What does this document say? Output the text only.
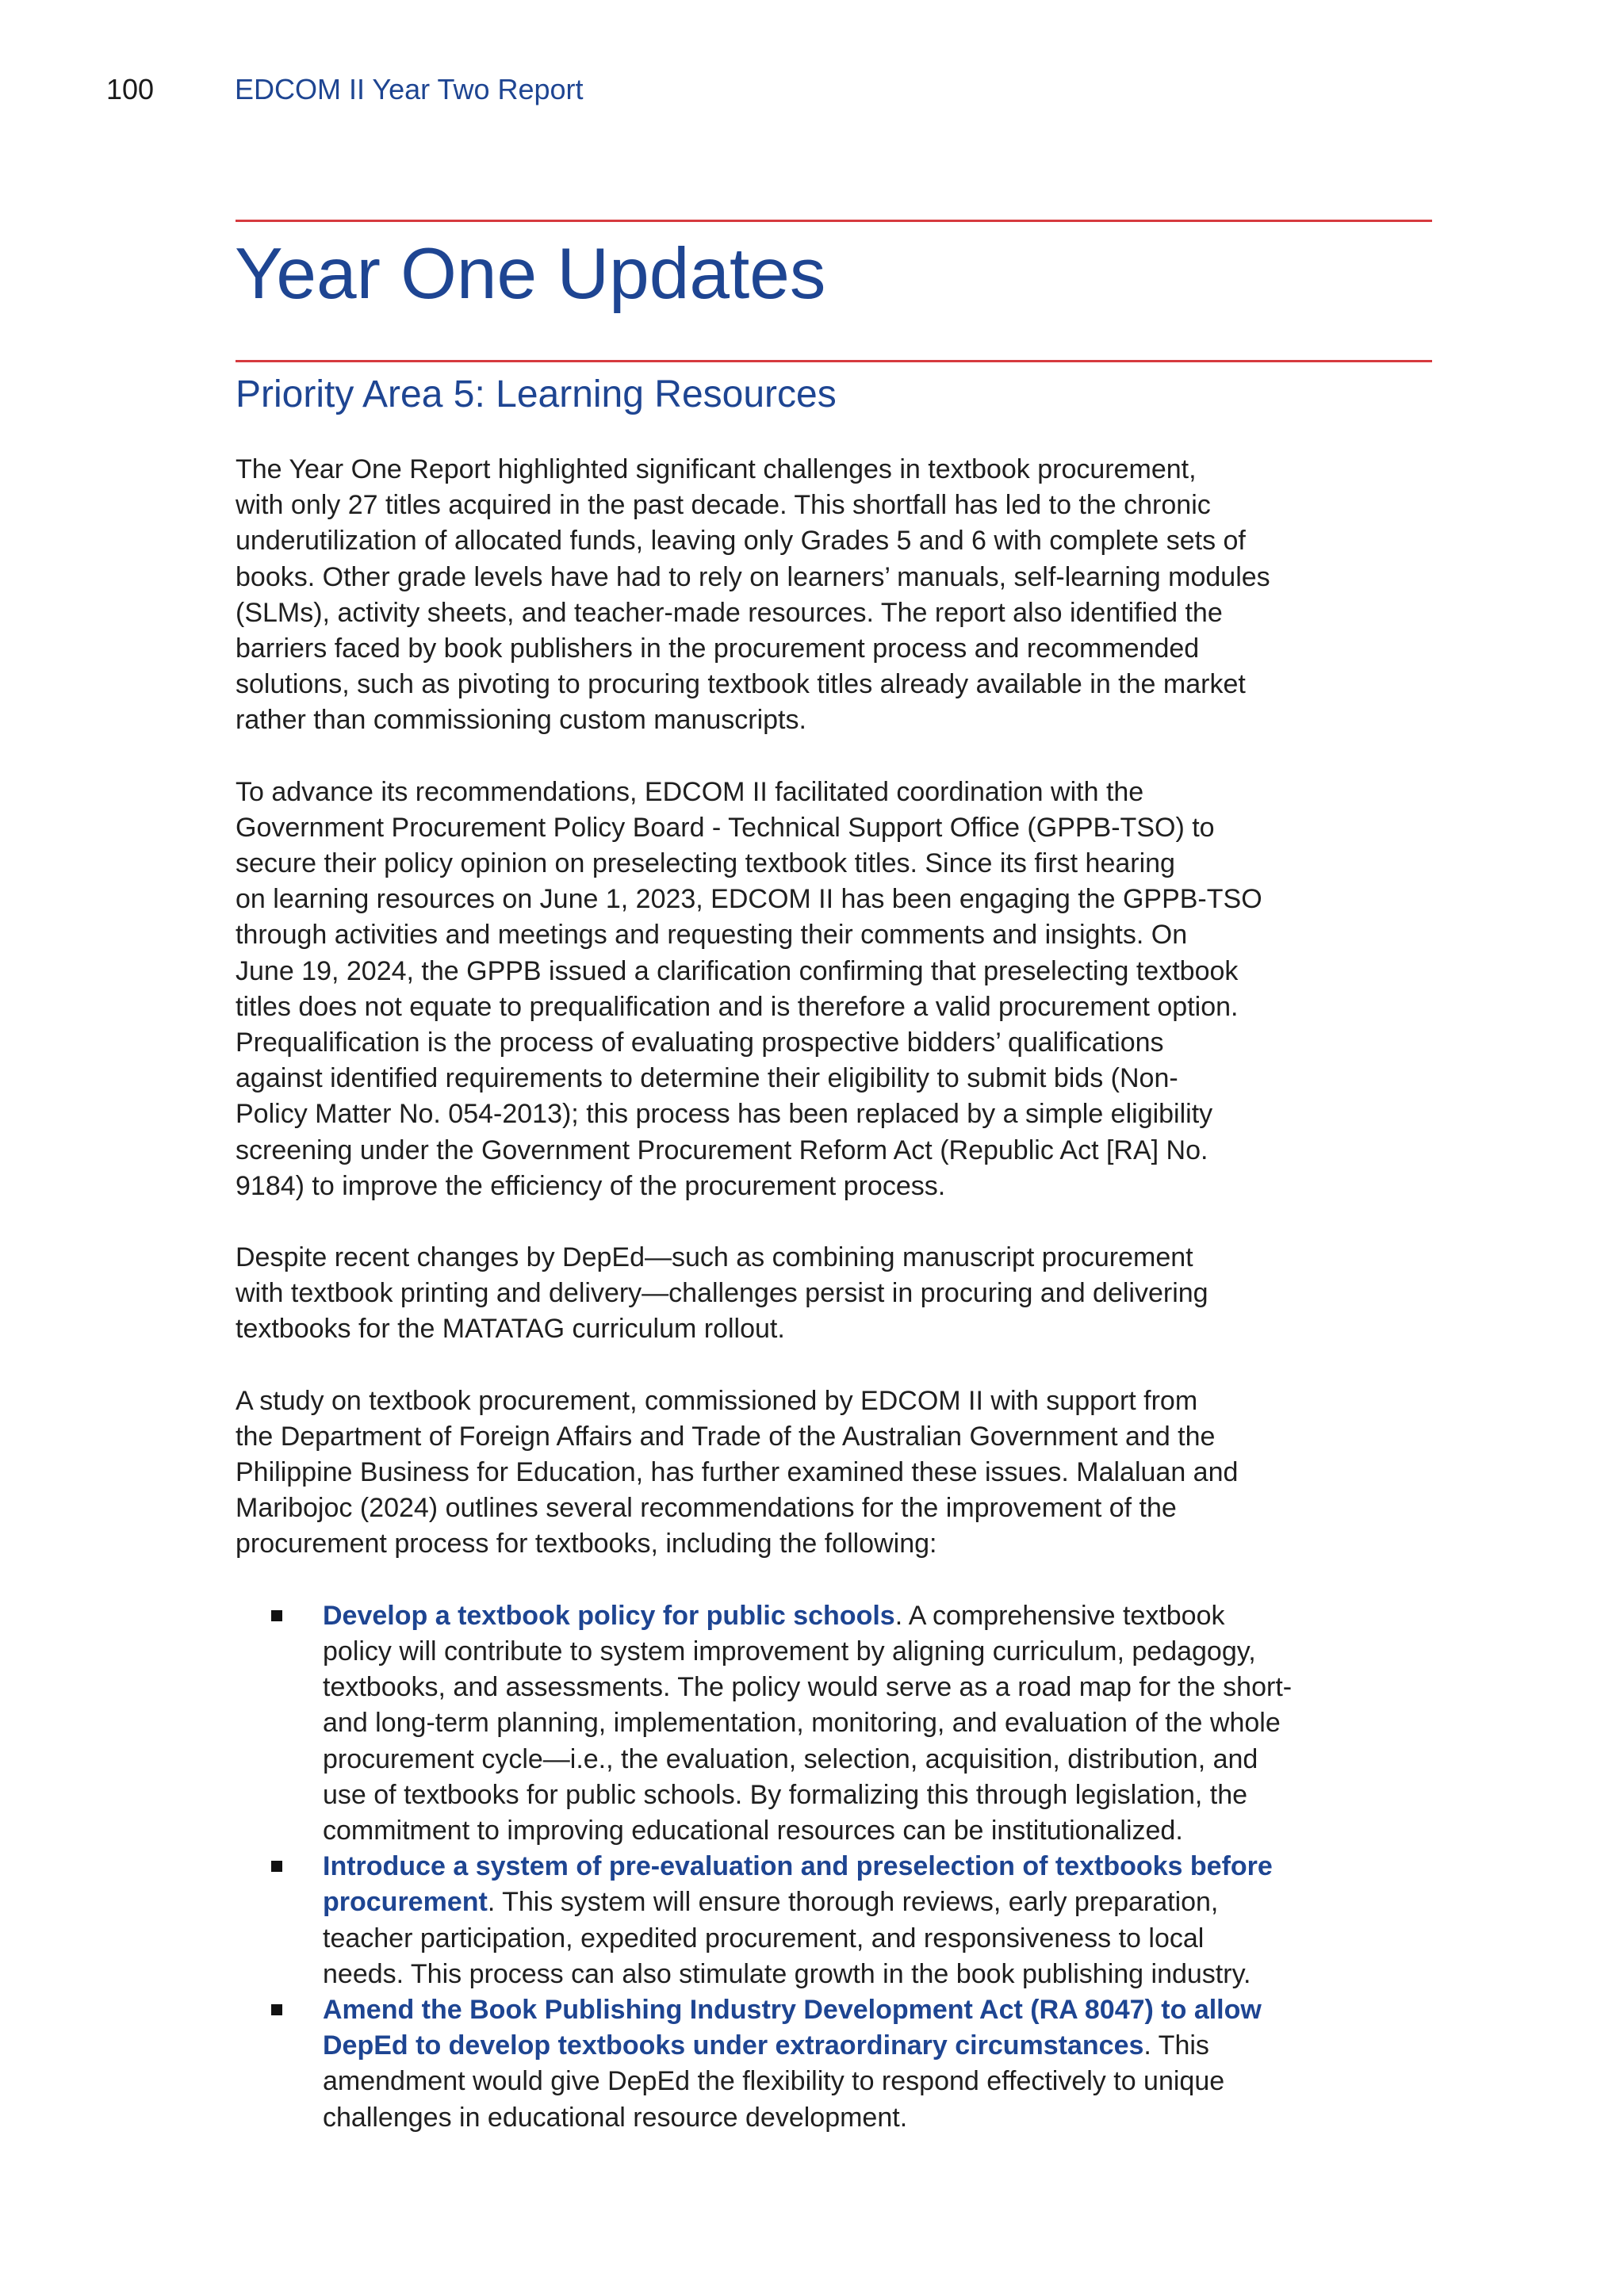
100	EDCOM II Year Two Report
Year One Updates
Priority Area 5: Learning Resources

The Year One Report highlighted significant challenges in textbook procurement,
with only 27 titles acquired in the past decade. This shortfall has led to the chronic
underutilization of allocated funds, leaving only Grades 5 and 6 with complete sets of
books. Other grade levels have had to rely on learners’ manuals, self-learning modules
(SLMs), activity sheets, and teacher-made resources. The report also identified the
barriers faced by book publishers in the procurement process and recommended
solutions, such as pivoting to procuring textbook titles already available in the market
rather than commissioning custom manuscripts.

To advance its recommendations, EDCOM II facilitated coordination with the
Government Procurement Policy Board - Technical Support Office (GPPB-TSO) to
secure their policy opinion on preselecting textbook titles. Since its first hearing
on learning resources on June 1, 2023, EDCOM II has been engaging the GPPB-TSO
through activities and meetings and requesting their comments and insights. On
June 19, 2024, the GPPB issued a clarification confirming that preselecting textbook
titles does not equate to prequalification and is therefore a valid procurement option.
Prequalification is the process of evaluating prospective bidders’ qualifications
against identified requirements to determine their eligibility to submit bids (Non-
Policy Matter No. 054-2013); this process has been replaced by a simple eligibility
screening under the Government Procurement Reform Act (Republic Act [RA] No.
9184) to improve the efficiency of the procurement process.

Despite recent changes by DepEd—such as combining manuscript procurement
with textbook printing and delivery—challenges persist in procuring and delivering
textbooks for the MATATAG curriculum rollout.

A study on textbook procurement, commissioned by EDCOM II with support from
the Department of Foreign Affairs and Trade of the Australian Government and the
Philippine Business for Education, has further examined these issues. Malaluan and
Maribojoc (2024) outlines several recommendations for the improvement of the
procurement process for textbooks, including the following:

Develop a textbook policy for public schools. A comprehensive textbook
policy will contribute to system improvement by aligning curriculum, pedagogy,
textbooks, and assessments. The policy would serve as a road map for the short-
and long-term planning, implementation, monitoring, and evaluation of the whole
procurement cycle—i.e., the evaluation, selection, acquisition, distribution, and
use of textbooks for public schools. By formalizing this through legislation, the
commitment to improving educational resources can be institutionalized.
Introduce a system of pre-evaluation and preselection of textbooks before
procurement. This system will ensure thorough reviews, early preparation,
teacher participation, expedited procurement, and responsiveness to local
needs. This process can also stimulate growth in the book publishing industry.
Amend the Book Publishing Industry Development Act (RA 8047) to allow
DepEd to develop textbooks under extraordinary circumstances. This
amendment would give DepEd the flexibility to respond effectively to unique
challenges in educational resource development.
